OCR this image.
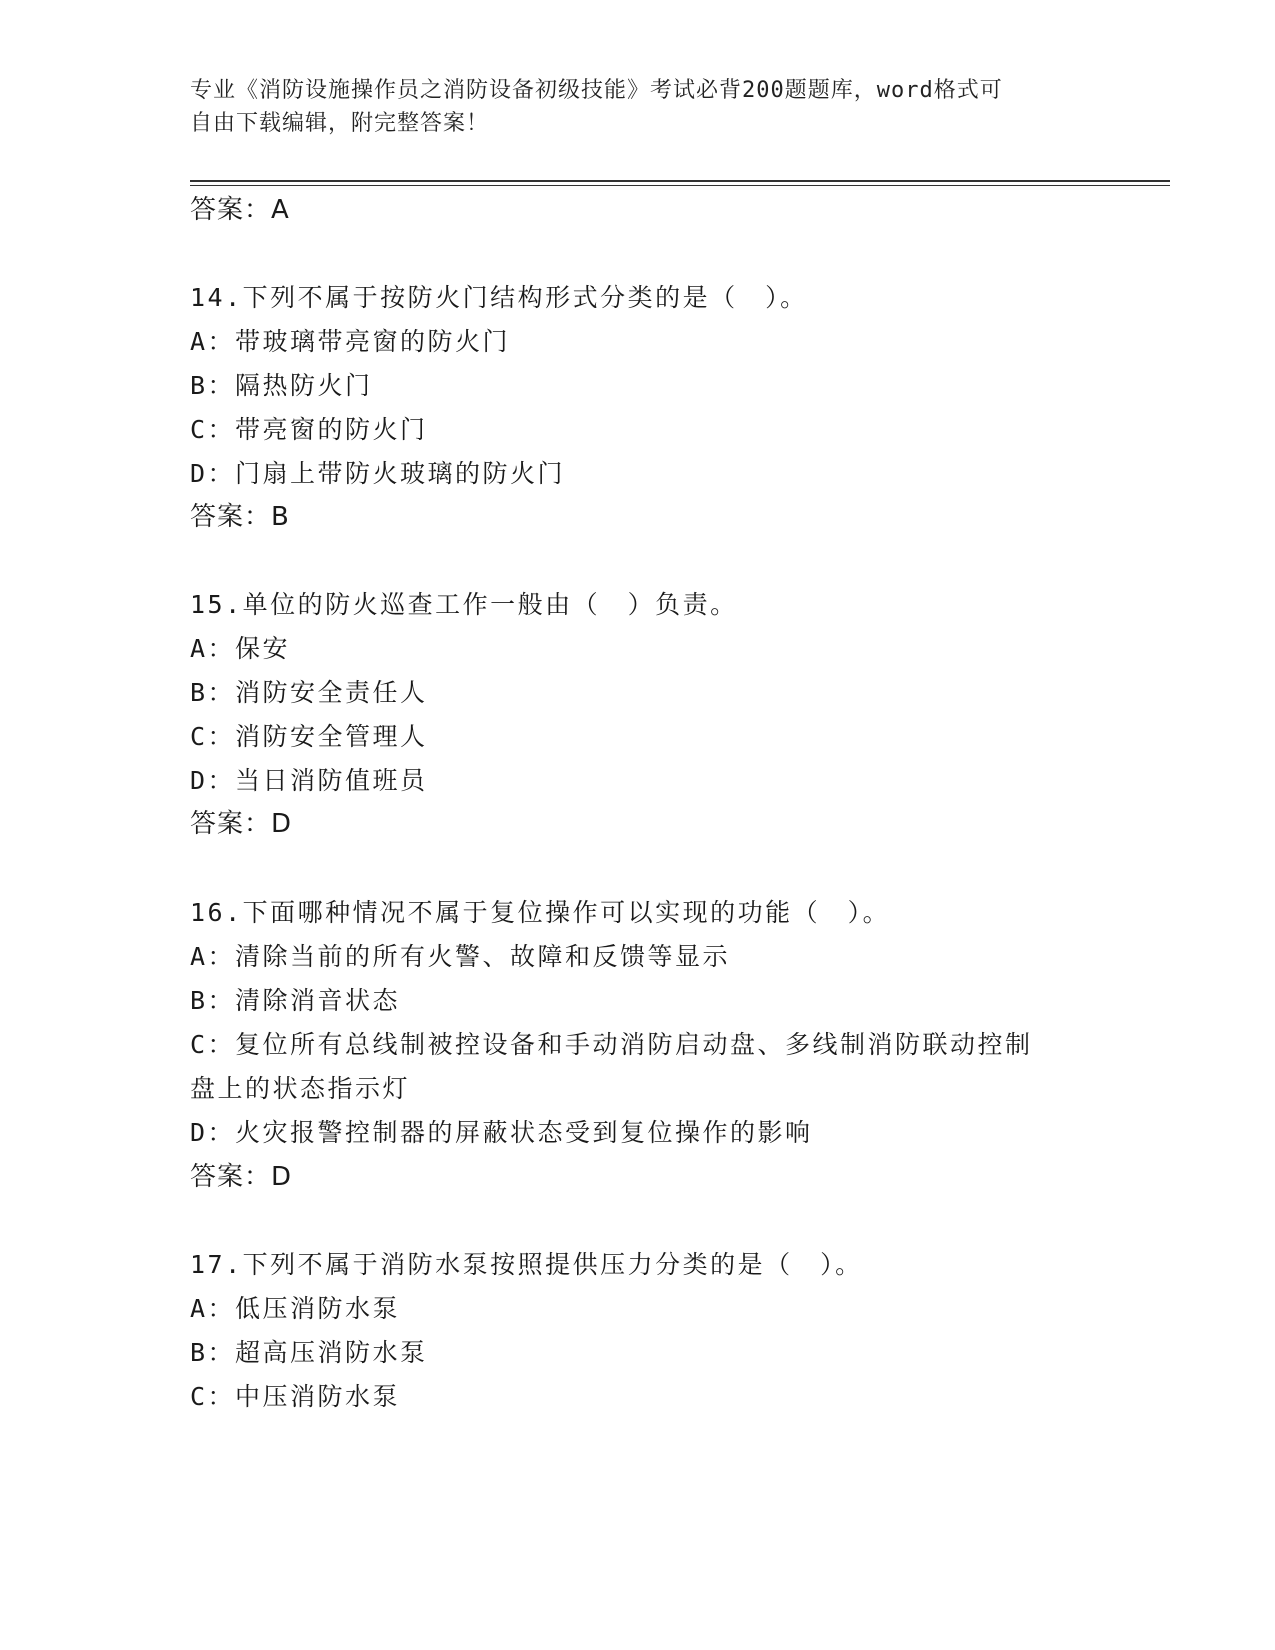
专业《消防设施操作员之消防设备初级技能》考试必背200题题库，word格式可
自由下载编辑，附完整答案！
答案：A
14.下列不属于按防火门结构形式分类的是（　）。
A：带玻璃带亮窗的防火门
B：隔热防火门
C：带亮窗的防火门
D：门扇上带防火玻璃的防火门
答案：B
15.单位的防火巡查工作一般由（　）负责。
A：保安
B：消防安全责任人
C：消防安全管理人
D：当日消防值班员
答案：D
16.下面哪种情况不属于复位操作可以实现的功能（　）。
A：清除当前的所有火警、故障和反馈等显示
B：清除消音状态
C：复位所有总线制被控设备和手动消防启动盘、多线制消防联动控制
盘上的状态指示灯
D：火灾报警控制器的屏蔽状态受到复位操作的影响
答案：D
17.下列不属于消防水泵按照提供压力分类的是（　）。
A：低压消防水泵
B：超高压消防水泵
C：中压消防水泵
